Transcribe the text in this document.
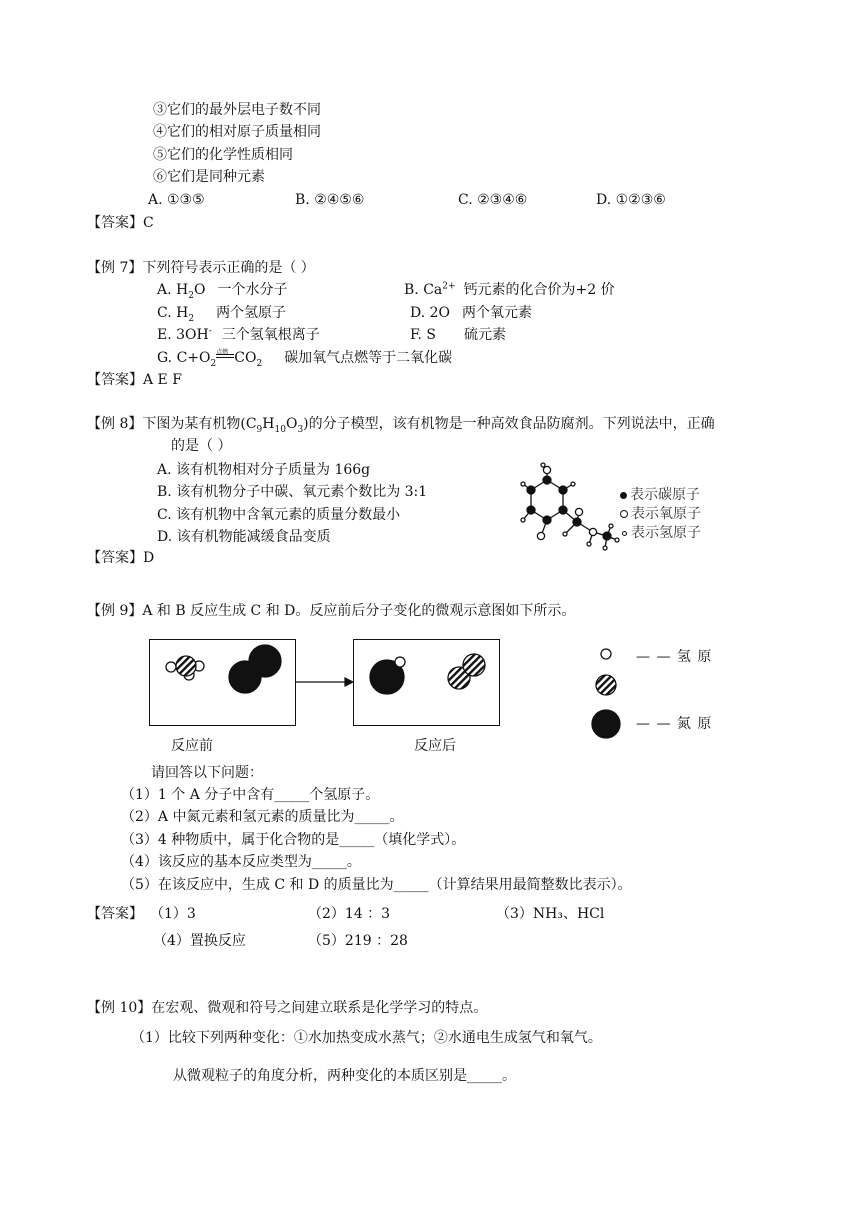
③它们的最外层电子数不同
④它们的相对原子质量相同
⑤它们的化学性质相同
⑥它们是同种元素
A. ①③⑤	B. ②④⑤⑥	C. ②③④⑥	D. ①②③⑥
【答案】C
【例 7】下列符号表示正确的是（ ）
A. $H_2O$ 一个水分子	B. $Ca^{2+}$ 钙元素的化合价为+2 价
C. $H_2$ 两个氢原子	D. 2O 两个氧元素
E. 3OH- 三个氢氧根离子	F. S 硫元素
G. $C+O_2$
点燃 $CO_2$ 碳加氧气点燃等于二氧化碳
【答案】A E F
【例 8】下图为某有机物$(C_9H_{10}O_3)$的分子模型，该有机物是一种高效食品防腐剂。下列说法中，正确
的是（ ）
A. 该有机物相对分子质量为 166g
B. 该有机物分子中碳、氧元素个数比为 3:1
C. 该有机物中含氧元素的质量分数最小
D. 该有机物能减缓食品变质
【答案】D
表示碳原子
表示氧原子
表示氢原子
【例 9】A 和 B 反应生成 C 和 D。反应前后分子变化的微观示意图如下所示。
反应前	反应后
— — 氢 原
— — 氮 原
请回答以下问题：
（1）1 个 A 分子中含有_____个氢原子。
（2）A 中氮元素和氢元素的质量比为_____。
（3）4 种物质中，属于化合物的是_____（填化学式）。
（4）该反应的基本反应类型为_____。
（5）在该反应中，生成 C 和 D 的质量比为_____（计算结果用最简整数比表示）。
【答案】 （1）3	（2）14 ：3	（3）NH₃、HCl
（4）置换反应	（5）219 ：28
【例 10】在宏观、微观和符号之间建立联系是化学学习的特点。
（1）比较下列两种变化：①水加热变成水蒸气；②水通电生成氢气和氧气。
从微观粒子的角度分析，两种变化的本质区别是_____。
